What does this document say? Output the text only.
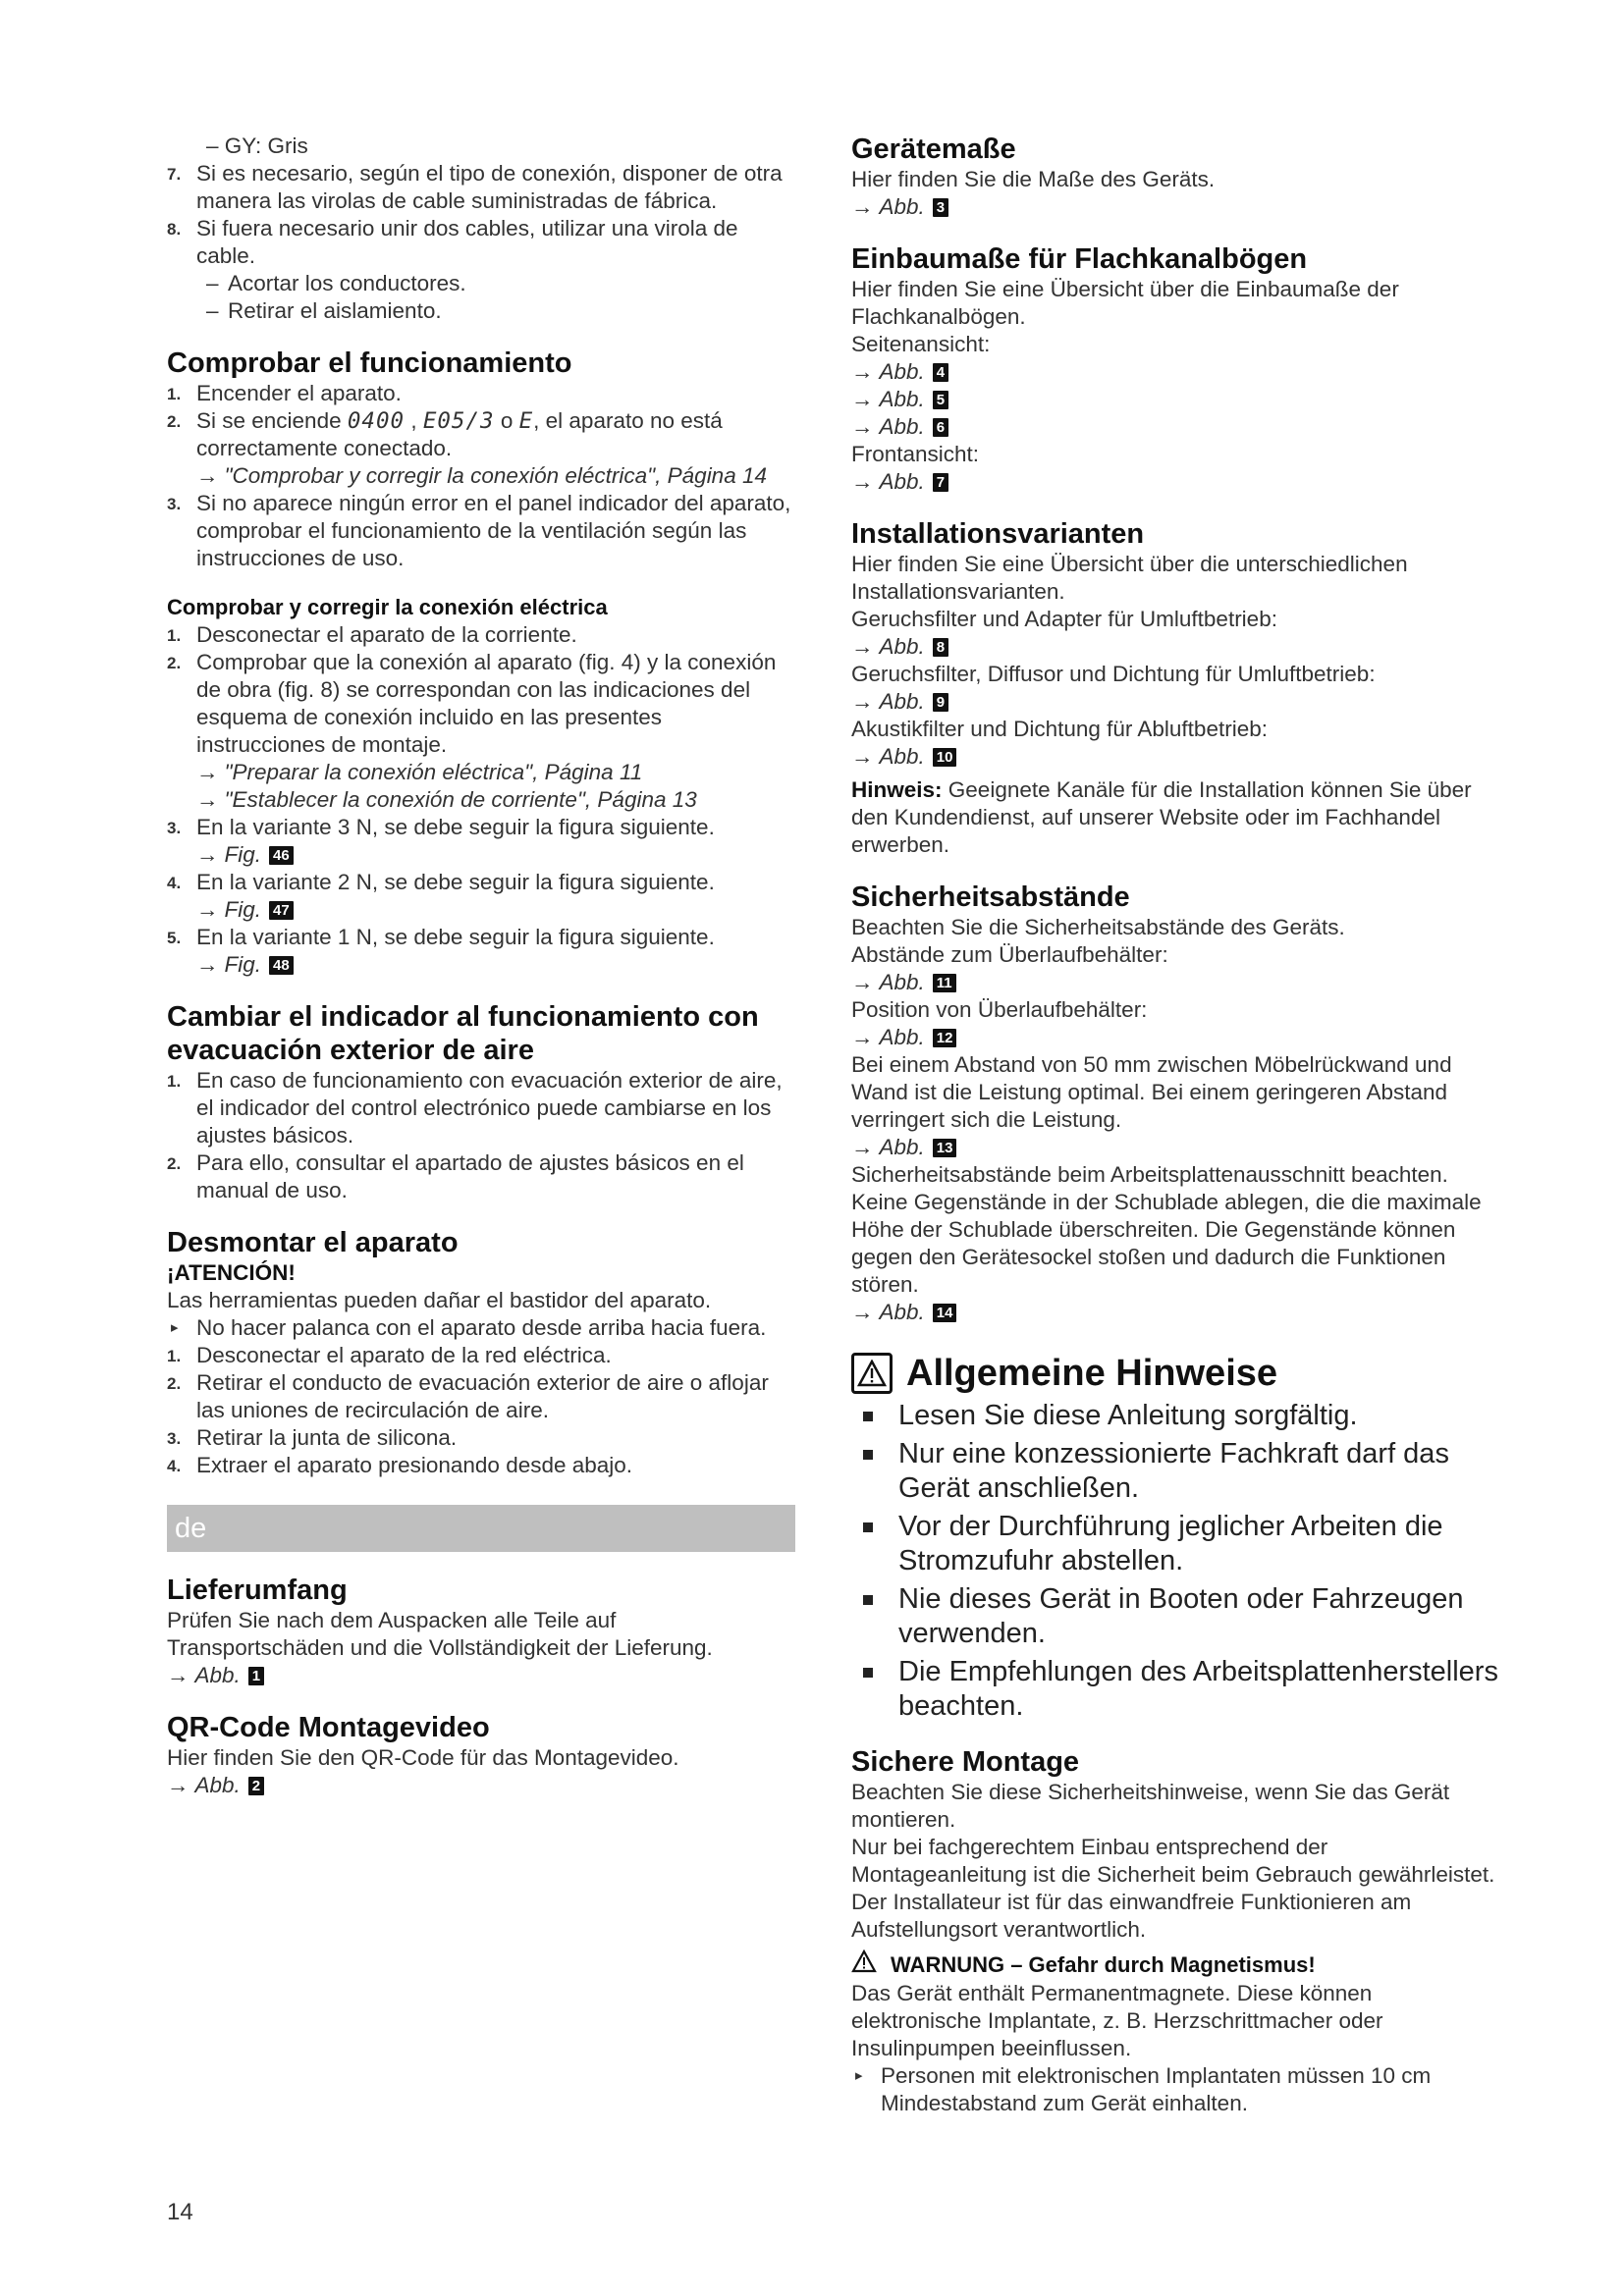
– GY: Gris

7. Si es necesario, según el tipo de conexión, disponer de otra manera las virolas de cable suministradas de fábrica.
8. Si fuera necesario unir dos cables, utilizar una virola de cable.
– Acortar los conductores.
– Retirar el aislamiento.

Comprobar el funcionamiento

1. Encender el aparato.
2. Si se enciende 0400 , E05/3 o E, el aparato no está correctamente conectado.
→ "Comprobar y corregir la conexión eléctrica", Página 14
3. Si no aparece ningún error en el panel indicador del aparato, comprobar el funcionamiento de la ventilación según las instrucciones de uso.

Comprobar y corregir la conexión eléctrica

1. Desconectar el aparato de la corriente.
2. Comprobar que la conexión al aparato (fig. 4) y la conexión de obra (fig. 8) se correspondan con las indicaciones del esquema de conexión incluido en las presentes instrucciones de montaje.
→ "Preparar la conexión eléctrica", Página 11
→ "Establecer la conexión de corriente", Página 13
3. En la variante 3 N, se debe seguir la figura siguiente.
→ Fig. 46
4. En la variante 2 N, se debe seguir la figura siguiente.
→ Fig. 47
5. En la variante 1 N, se debe seguir la figura siguiente.
→ Fig. 48

Cambiar el indicador al funcionamiento con evacuación exterior de aire

1. En caso de funcionamiento con evacuación exterior de aire, el indicador del control electrónico puede cambiarse en los ajustes básicos.
2. Para ello, consultar el apartado de ajustes básicos en el manual de uso.

Desmontar el aparato

¡ATENCIÓN!

Las herramientas pueden dañar el bastidor del aparato.

▸ No hacer palanca con el aparato desde arriba hacia fuera.
1. Desconectar el aparato de la red eléctrica.
2. Retirar el conducto de evacuación exterior de aire o aflojar las uniones de recirculación de aire.
3. Retirar la junta de silicona.
4. Extraer el aparato presionando desde abajo.
de

Lieferumfang

Prüfen Sie nach dem Auspacken alle Teile auf Transportschäden und die Vollständigkeit der Lieferung.

→ Abb. 1

QR-Code Montagevideo

Hier finden Sie den QR-Code für das Montagevideo.

→ Abb. 2

Gerätemaße

Hier finden Sie die Maße des Geräts.

→ Abb. 3

Einbaumaße für Flachkanalbögen

Hier finden Sie eine Übersicht über die Einbaumaße der Flachkanalbögen.

Seitenansicht:

→ Abb. 4
→ Abb. 5
→ Abb. 6

Frontansicht:

→ Abb. 7

Installationsvarianten

Hier finden Sie eine Übersicht über die unterschiedlichen Installationsvarianten.

Geruchsfilter und Adapter für Umluftbetrieb:

→ Abb. 8

Geruchsfilter, Diffusor und Dichtung für Umluftbetrieb:

→ Abb. 9

Akustikfilter und Dichtung für Abluftbetrieb:

→ Abb. 10

Hinweis: Geeignete Kanäle für die Installation können Sie über den Kundendienst, auf unserer Website oder im Fachhandel erwerben.

Sicherheitsabstände

Beachten Sie die Sicherheitsabstände des Geräts.

Abstände zum Überlaufbehälter:

→ Abb. 11

Position von Überlaufbehälter:

→ Abb. 12

Bei einem Abstand von 50 mm zwischen Möbelrückwand und Wand ist die Leistung optimal. Bei einem geringeren Abstand verringert sich die Leistung.

→ Abb. 13

Sicherheitsabstände beim Arbeitsplattenausschnitt beachten.

Keine Gegenstände in der Schublade ablegen, die die maximale Höhe der Schublade überschreiten. Die Gegenstände können gegen den Gerätesockel stoßen und dadurch die Funktionen stören.

→ Abb. 14
Allgemeine Hinweise
Lesen Sie diese Anleitung sorgfältig.
Nur eine konzessionierte Fachkraft darf das Gerät anschließen.
Vor der Durchführung jeglicher Arbeiten die Stromzufuhr abstellen.
Nie dieses Gerät in Booten oder Fahrzeugen verwenden.
Die Empfehlungen des Arbeitsplattenherstellers beachten.

Sichere Montage

Beachten Sie diese Sicherheitshinweise, wenn Sie das Gerät montieren.

Nur bei fachgerechtem Einbau entsprechend der Montageanleitung ist die Sicherheit beim Gebrauch gewährleistet. Der Installateur ist für das einwandfreie Funktionieren am Aufstellungsort verantwortlich.

WARNUNG – Gefahr durch Magnetismus!

Das Gerät enthält Permanentmagnete. Diese können elektronische Implantate, z. B. Herzschrittmacher oder Insulinpumpen beeinflussen.

▸ Personen mit elektronischen Implantaten müssen 10 cm Mindestabstand zum Gerät einhalten.
14
